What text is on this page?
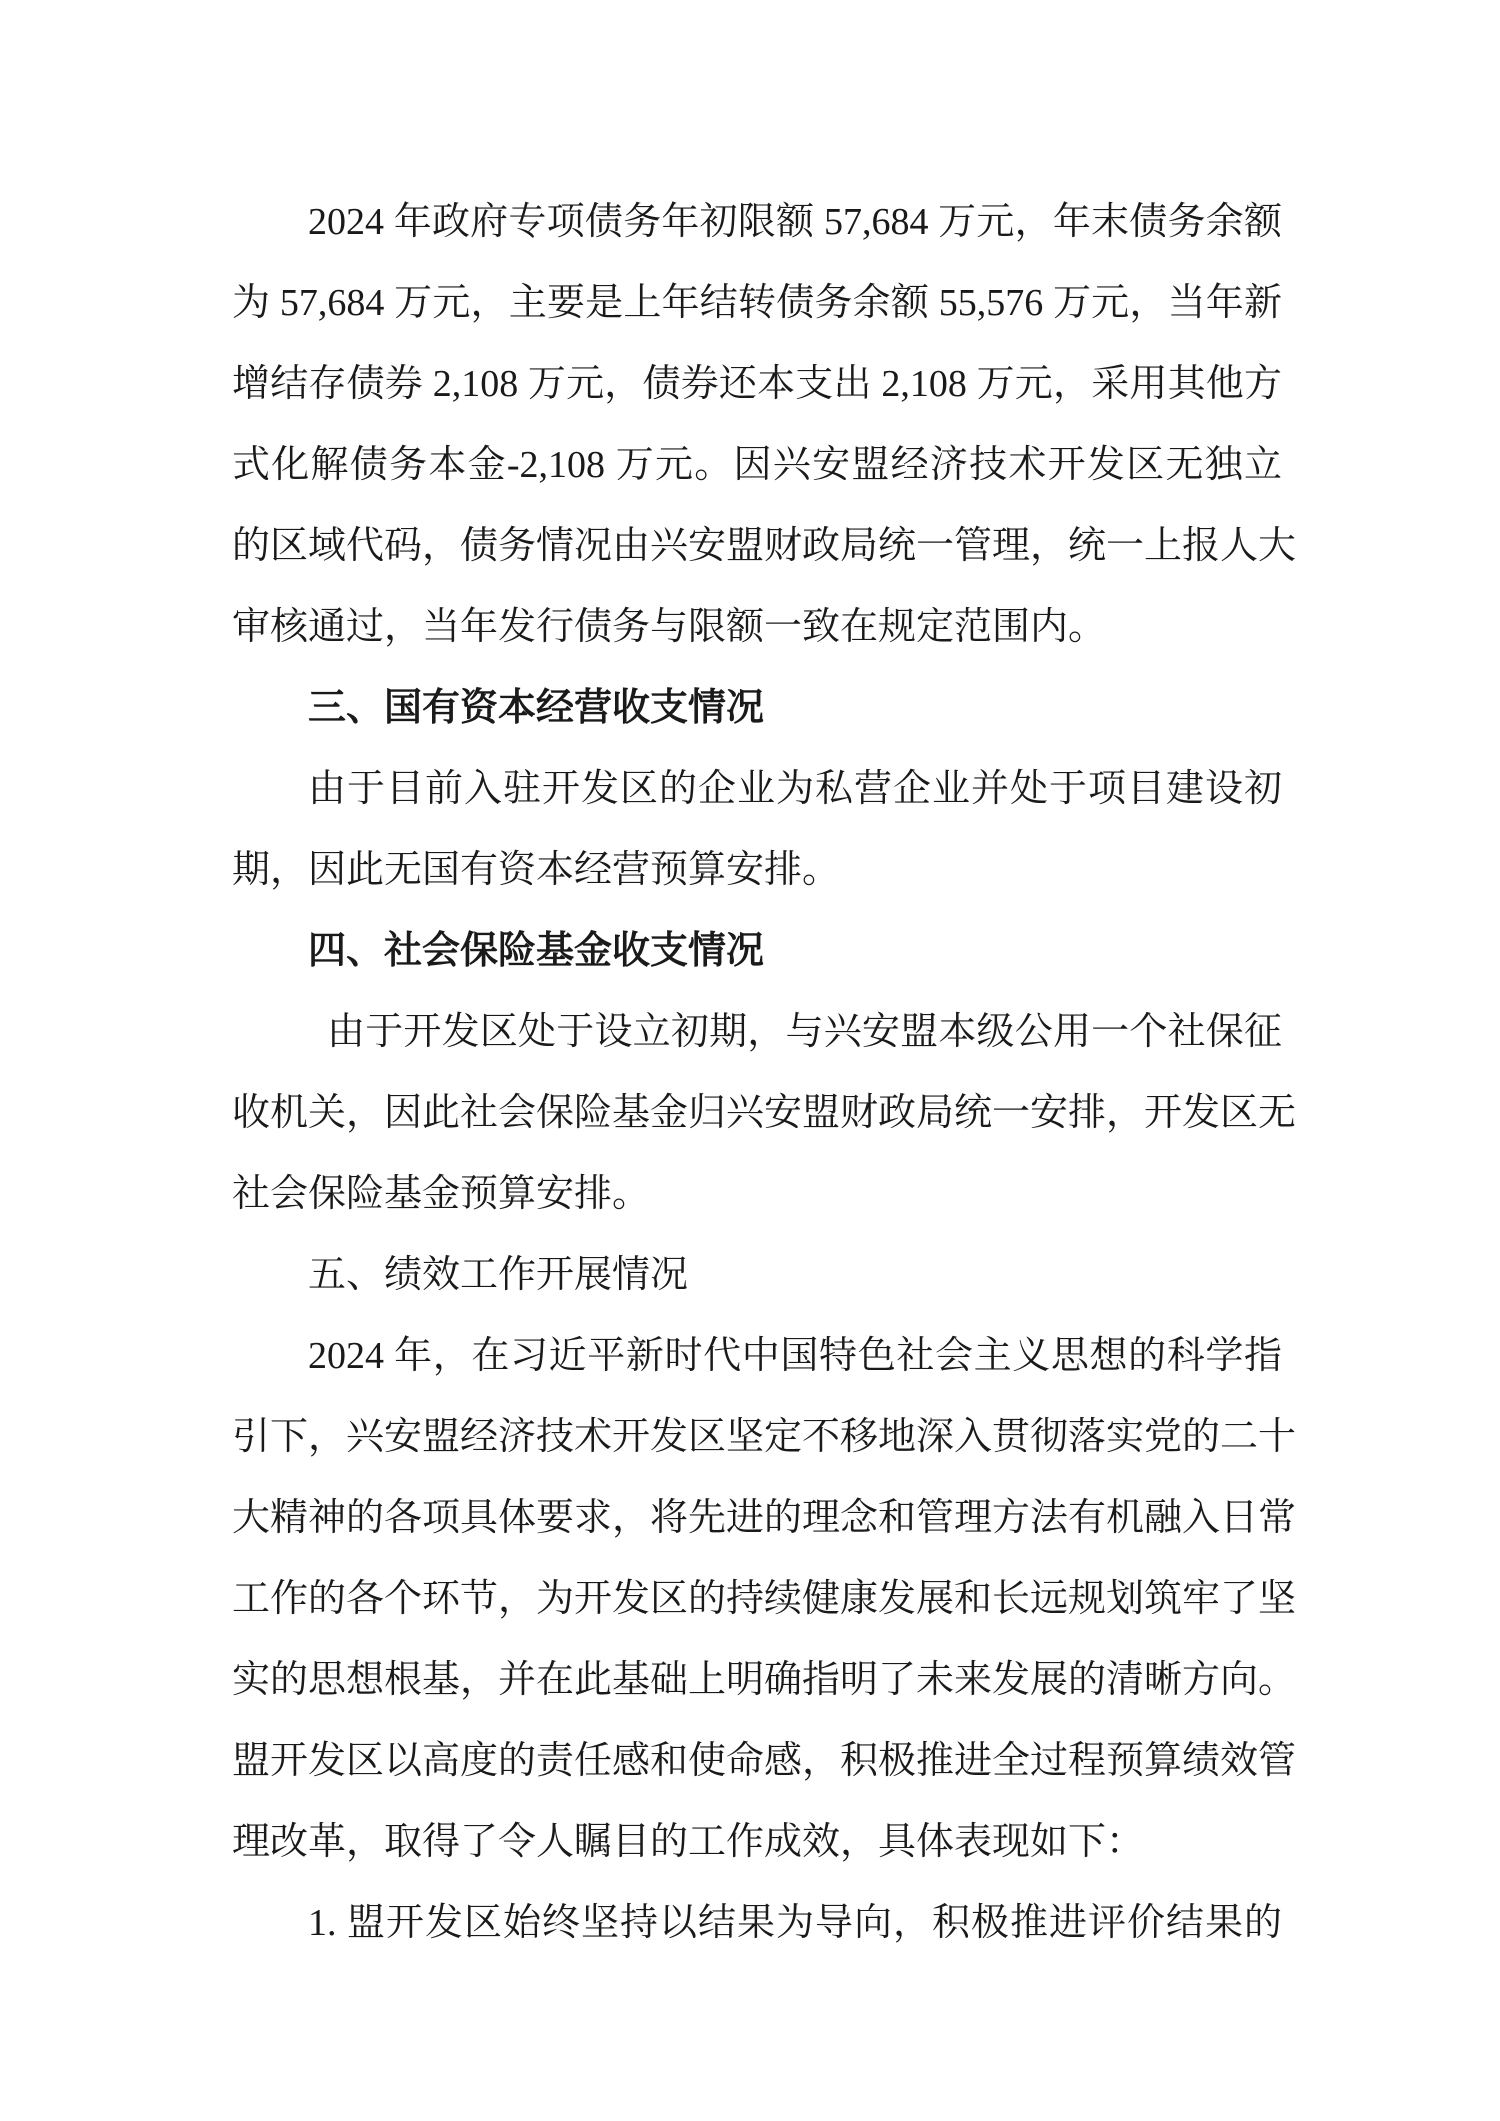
2024 年政府专项债务年初限额 57,684 万元，年末债务余额
为 57,684 万元，主要是上年结转债务余额 55,576 万元，当年新
增结存债券 2,108 万元，债券还本支出 2,108 万元，采用其他方
式化解债务本金-2,108 万元。因兴安盟经济技术开发区无独立
的区域代码，债务情况由兴安盟财政局统一管理，统一上报人大
审核通过，当年发行债务与限额一致在规定范围内。
三、国有资本经营收支情况
由于目前入驻开发区的企业为私营企业并处于项目建设初
期，因此无国有资本经营预算安排。
四、社会保险基金收支情况
由于开发区处于设立初期，与兴安盟本级公用一个社保征
收机关，因此社会保险基金归兴安盟财政局统一安排，开发区无
社会保险基金预算安排。
五、绩效工作开展情况
2024 年，在习近平新时代中国特色社会主义思想的科学指
引下，兴安盟经济技术开发区坚定不移地深入贯彻落实党的二十
大精神的各项具体要求，将先进的理念和管理方法有机融入日常
工作的各个环节，为开发区的持续健康发展和长远规划筑牢了坚
实的思想根基，并在此基础上明确指明了未来发展的清晰方向。
盟开发区以高度的责任感和使命感，积极推进全过程预算绩效管
理改革，取得了令人瞩目的工作成效，具体表现如下：
1. 盟开发区始终坚持以结果为导向，积极推进评价结果的
